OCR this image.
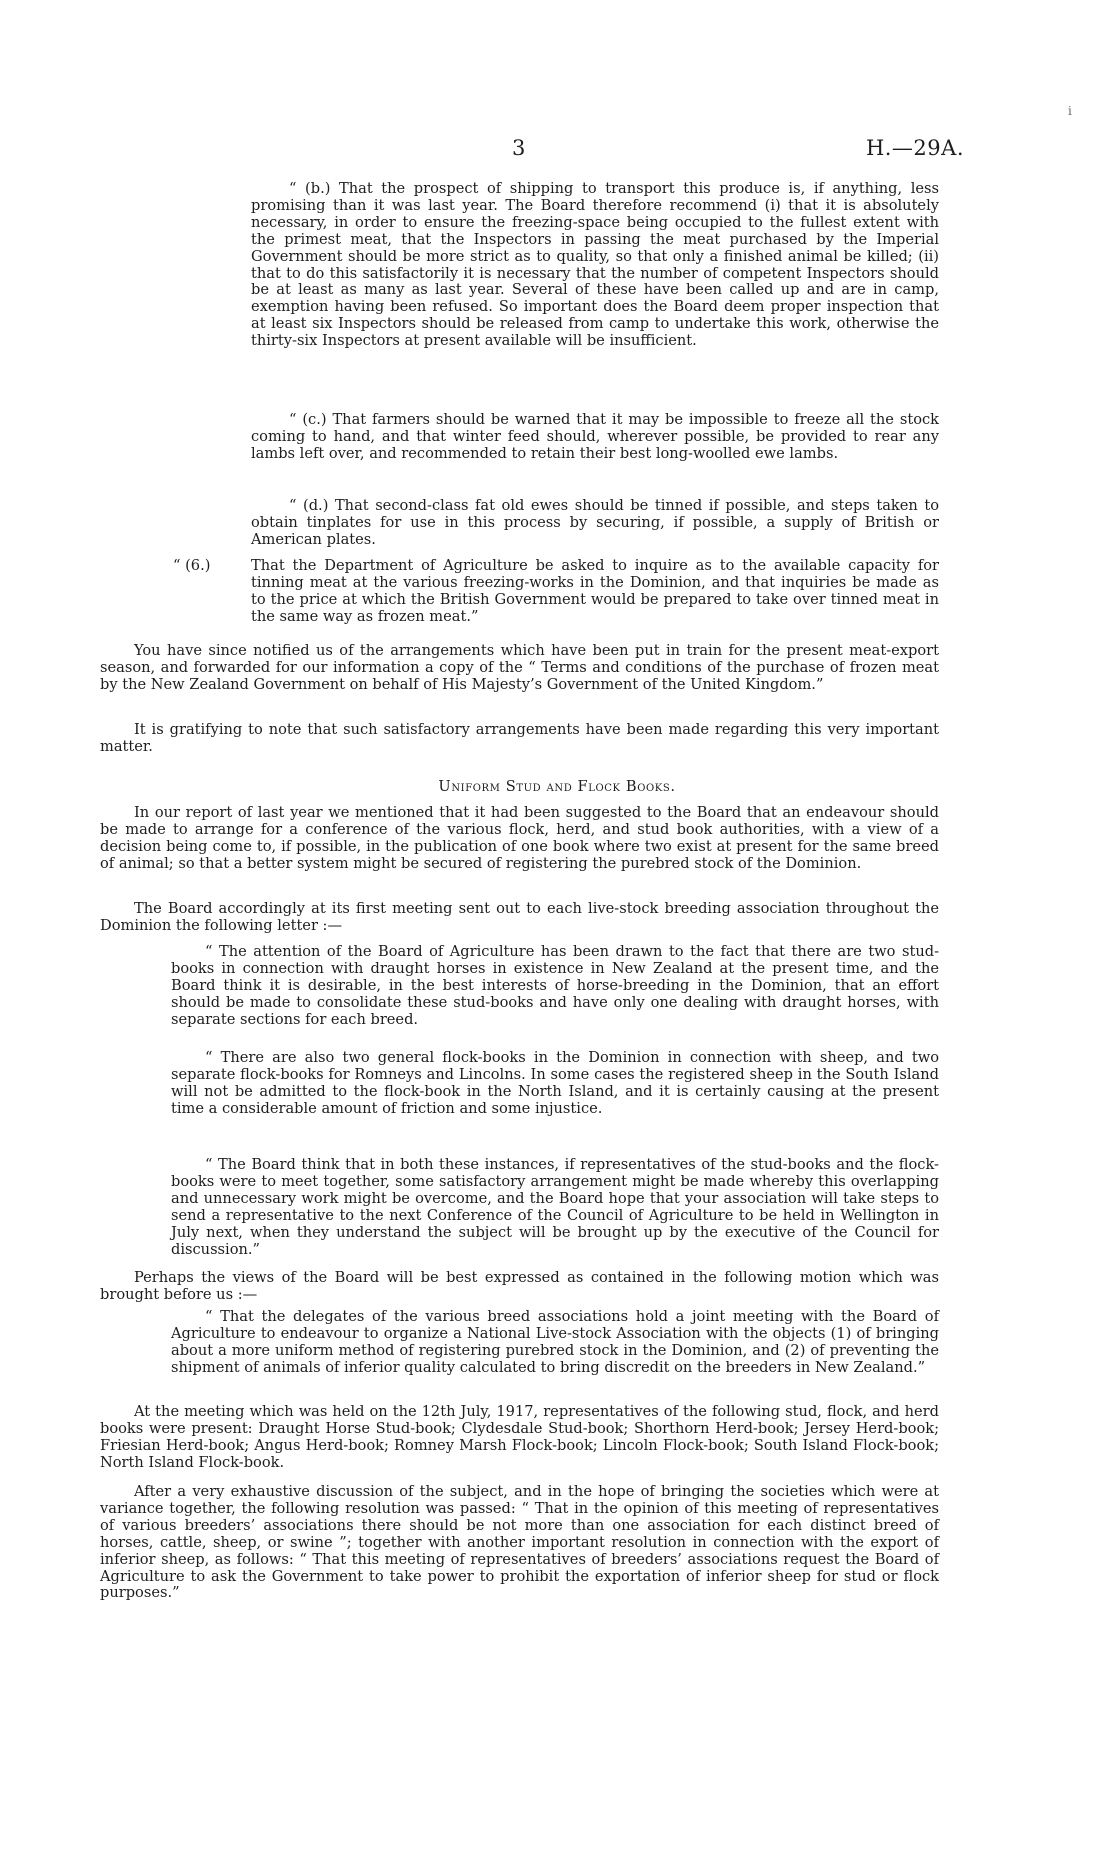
i
3	H.—29A.

“ (b.) That the prospect of shipping to transport this produce is, if anything, less promising than it was last year. The Board therefore recommend (i) that it is absolutely necessary, in order to ensure the freezing-space being occupied to the fullest extent with the primest meat, that the Inspectors in passing the meat purchased by the Imperial Government should be more strict as to quality, so that only a finished animal be killed; (ii) that to do this satisfactorily it is necessary that the number of competent Inspectors should be at least as many as last year. Several of these have been called up and are in camp, exemption having been refused. So important does the Board deem proper inspection that at least six Inspectors should be released from camp to undertake this work, otherwise the thirty-six Inspectors at present available will be insufficient.

“ (c.) That farmers should be warned that it may be impossible to freeze all the stock coming to hand, and that winter feed should, wherever possible, be provided to rear any lambs left over, and recommended to retain their best long-woolled ewe lambs.

“ (d.) That second-class fat old ewes should be tinned if possible, and steps taken to obtain tinplates for use in this process by securing, if possible, a supply of British or American plates.

“ (6.)	That the Department of Agriculture be asked to inquire as to the available capacity for tinning meat at the various freezing-works in the Dominion, and that inquiries be made as to the price at which the British Government would be prepared to take over tinned meat in the same way as frozen meat.”

You have since notified us of the arrangements which have been put in train for the present meat-export season, and forwarded for our information a copy of the “ Terms and conditions of the purchase of frozen meat by the New Zealand Government on behalf of His Majesty’s Government of the United Kingdom.”

It is gratifying to note that such satisfactory arrangements have been made regarding this very important matter.

Uniform Stud and Flock Books.

In our report of last year we mentioned that it had been suggested to the Board that an endeavour should be made to arrange for a conference of the various flock, herd, and stud book authorities, with a view of a decision being come to, if possible, in the publication of one book where two exist at present for the same breed of animal; so that a better system might be secured of registering the purebred stock of the Dominion.

The Board accordingly at its first meeting sent out to each live-stock breeding association throughout the Dominion the following letter :—

“ The attention of the Board of Agriculture has been drawn to the fact that there are two stud-books in connection with draught horses in existence in New Zealand at the present time, and the Board think it is desirable, in the best interests of horse-breeding in the Dominion, that an effort should be made to consolidate these stud-books and have only one dealing with draught horses, with separate sections for each breed.

“ There are also two general flock-books in the Dominion in connection with sheep, and two separate flock-books for Romneys and Lincolns. In some cases the registered sheep in the South Island will not be admitted to the flock-book in the North Island, and it is certainly causing at the present time a considerable amount of friction and some injustice.

“ The Board think that in both these instances, if representatives of the stud-books and the flock-books were to meet together, some satisfactory arrangement might be made whereby this overlapping and unnecessary work might be overcome, and the Board hope that your association will take steps to send a representative to the next Conference of the Council of Agriculture to be held in Wellington in July next, when they understand the subject will be brought up by the executive of the Council for discussion.”

Perhaps the views of the Board will be best expressed as contained in the following motion which was brought before us :—

“ That the delegates of the various breed associations hold a joint meeting with the Board of Agriculture to endeavour to organize a National Live-stock Association with the objects (1) of bringing about a more uniform method of registering purebred stock in the Dominion, and (2) of preventing the shipment of animals of inferior quality calculated to bring discredit on the breeders in New Zealand.”

At the meeting which was held on the 12th July, 1917, representatives of the following stud, flock, and herd books were present: Draught Horse Stud-book; Clydesdale Stud-book; Shorthorn Herd-book; Jersey Herd-book; Friesian Herd-book; Angus Herd-book; Romney Marsh Flock-book; Lincoln Flock-book; South Island Flock-book; North Island Flock-book.

After a very exhaustive discussion of the subject, and in the hope of bringing the societies which were at variance together, the following resolution was passed: “ That in the opinion of this meeting of representatives of various breeders’ associations there should be not more than one association for each distinct breed of horses, cattle, sheep, or swine ”; together with another important resolution in connection with the export of inferior sheep, as follows: “ That this meeting of representatives of breeders’ associations request the Board of Agriculture to ask the Government to take power to prohibit the exportation of inferior sheep for stud or flock purposes.”
